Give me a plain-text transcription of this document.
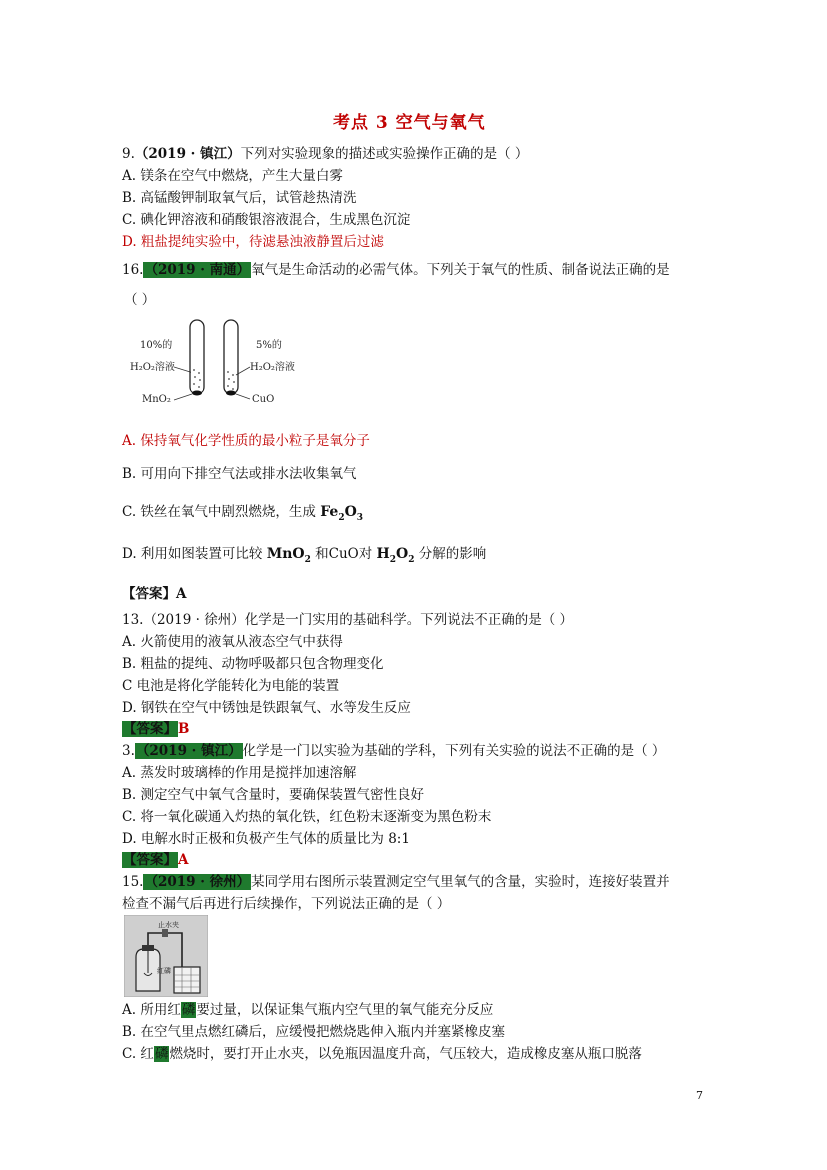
考点 3 空气与氧气
9.（2019 · 镇江）下列对实验现象的描述或实验操作正确的是（ ）
A. 镁条在空气中燃烧，产生大量白雾
B. 高锰酸钾制取氧气后，试管趁热清洗
C. 碘化钾溶液和硝酸银溶液混合，生成黑色沉淀
D. 粗盐提纯实验中，待滤悬浊液静置后过滤
16.（2019 · 南通）氧气是生命活动的必需气体。下列关于氧气的性质、制备说法正确的是
（ ）
10%的
H₂O₂溶液
MnO₂
5%的
H₂O₂溶液
CuO
A. 保持氧气化学性质的最小粒子是氧分子
B. 可用向下排空气法或排水法收集氧气
C. 铁丝在氧气中剧烈燃烧，生成 $Fe_2O_3$
D. 利用如图装置可比较 MnO$_2$ 和CuO对 $H_2O_2$ 分解的影响
【答案】A
13.（2019 · 徐州）化学是一门实用的基础科学。下列说法不正确的是（ ）
A. 火箭使用的液氧从液态空气中获得
B. 粗盐的提纯、动物呼吸都只包含物理变化
C 电池是将化学能转化为电能的装置
D. 钢铁在空气中锈蚀是铁跟氧气、水等发生反应
【答案】B
3.（2019 · 镇江）化学是一门以实验为基础的学科，下列有关实验的说法不正确的是（ ）
A. 蒸发时玻璃棒的作用是搅拌加速溶解
B. 测定空气中氧气含量时，要确保装置气密性良好
C. 将一氧化碳通入灼热的氧化铁，红色粉末逐渐变为黑色粉末
D. 电解水时正极和负极产生气体的质量比为 8:1
【答案】A
15.（2019 · 徐州）某同学用右图所示装置测定空气里氧气的含量，实验时，连接好装置并
检查不漏气后再进行后续操作，下列说法正确的是（ ）
止水夹
红磷
A. 所用红磷要过量，以保证集气瓶内空气里的氧气能充分反应
B. 在空气里点燃红磷后，应缓慢把燃烧匙伸入瓶内并塞紧橡皮塞
C. 红磷燃烧时，要打开止水夹，以免瓶因温度升高，气压较大，造成橡皮塞从瓶口脱落
7
